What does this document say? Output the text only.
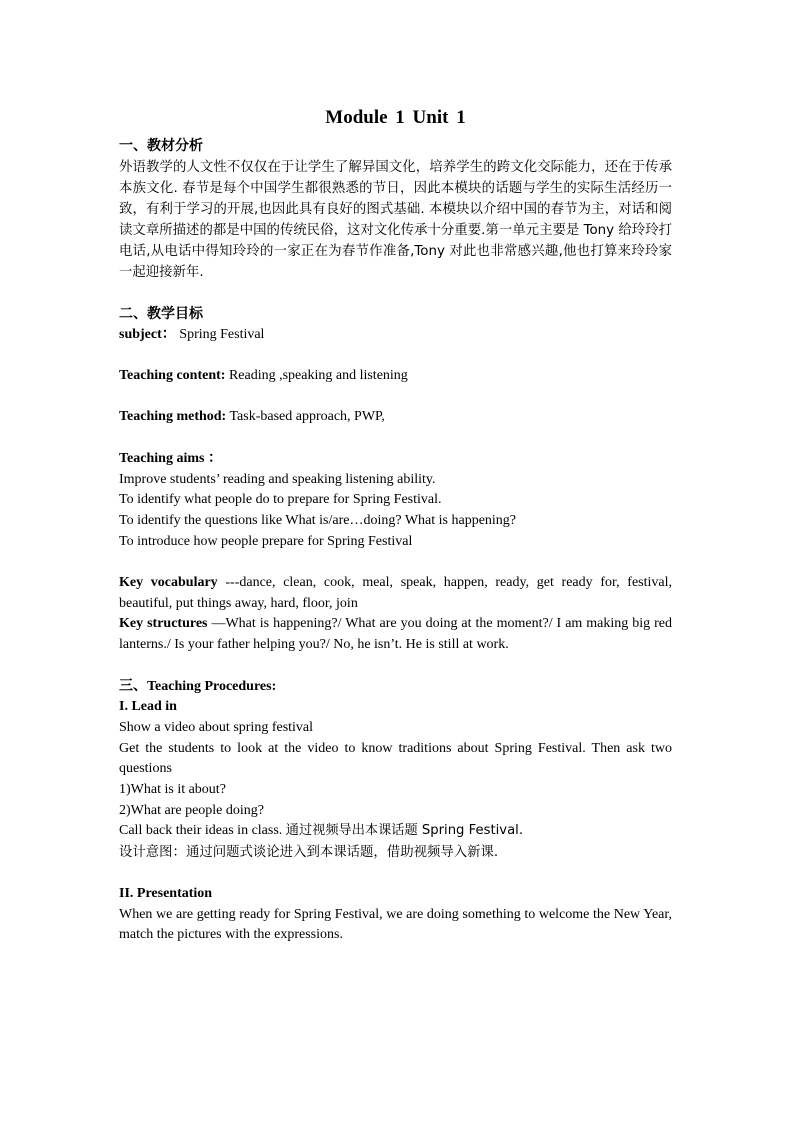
Module 1 Unit 1

一、教材分析

外语教学的人文性不仅仅在于让学生了解异国文化，培养学生的跨文化交际能力，还在于传承本族文化. 春节是每个中国学生都很熟悉的节日，因此本模块的话题与学生的实际生活经历一致，有利于学习的开展,也因此具有良好的图式基础. 本模块以介绍中国的春节为主，对话和阅读文章所描述的都是中国的传统民俗，这对文化传承十分重要.第一单元主要是 Tony 给玲玲打电话,从电话中得知玲玲的一家正在为春节作准备,Tony 对此也非常感兴趣,他也打算来玲玲家一起迎接新年.

二、教学目标

subject： Spring Festival

Teaching content: Reading ,speaking and listening

Teaching method: Task-based approach, PWP,

Teaching aims ：

Improve students’ reading and speaking listening ability.

To identify what people do to prepare for Spring Festival.

To identify the questions like What is/are…doing? What is happening?

To introduce how people prepare for Spring Festival

Key vocabulary ---dance, clean, cook, meal, speak, happen, ready, get ready for, festival, beautiful, put things away, hard, floor, join

Key structures —What is happening?/ What are you doing at the moment?/ I am making big red lanterns./ Is your father helping you?/ No, he isn’t. He is still at work.

三、Teaching Procedures:

I. Lead in

Show a video about spring festival

Get the students to look at the video to know traditions about Spring Festival. Then ask two questions

1)What is it about?

2)What are people doing?

Call back their ideas in class. 通过视频导出本课话题 Spring Festival.

设计意图：通过问题式谈论进入到本课话题，借助视频导入新课.

II. Presentation

When we are getting ready for Spring Festival, we are doing something to welcome the New Year, match the pictures with the expressions.
